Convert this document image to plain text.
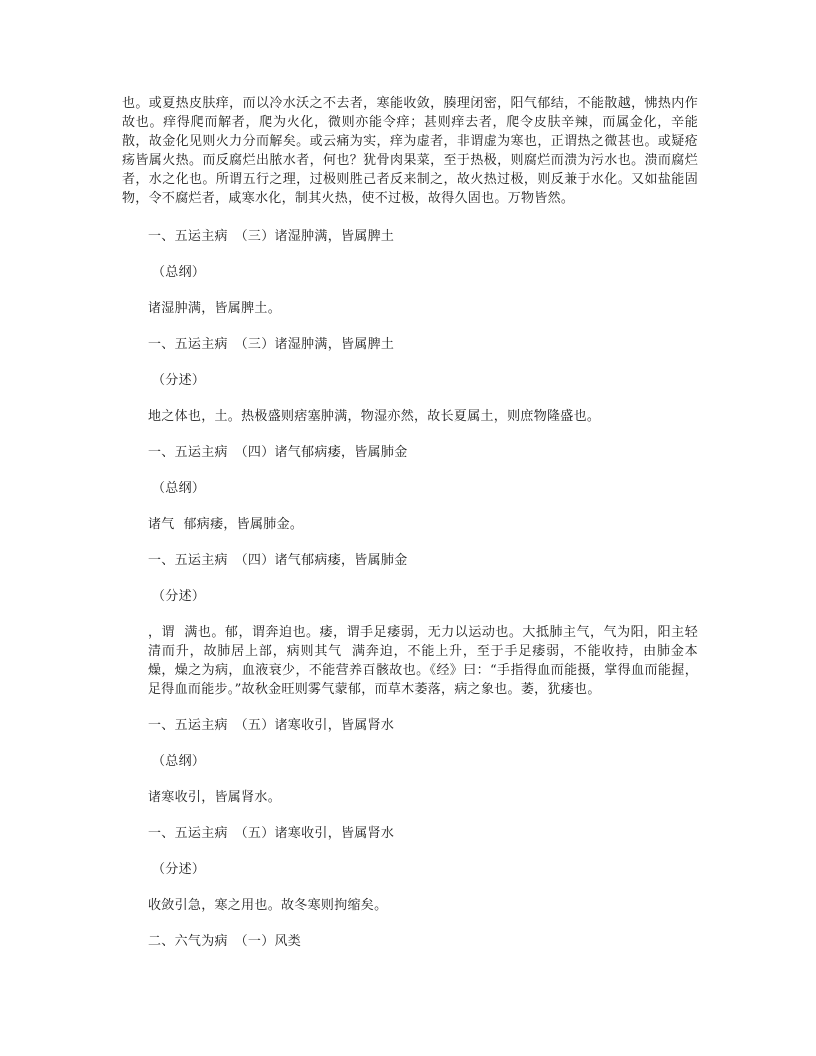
也。或夏热皮肤痒，而以冷水沃之不去者，寒能收敛，腠理闭密，阳气郁结，不能散越，怫热内作故也。痒得爬而解者，爬为火化，微则亦能令痒；甚则痒去者，爬令皮肤辛辣，而属金化，辛能散，故金化见则火力分而解矣。或云痛为实，痒为虚者，非谓虚为寒也，正谓热之微甚也。或疑疮疡皆属火热。而反腐烂出脓水者，何也？犹骨肉果菜，至于热极，则腐烂而溃为污水也。溃而腐烂者，水之化也。所谓五行之理，过极则胜己者反来制之，故火热过极，则反兼于水化。又如盐能固物，令不腐烂者，咸寒水化，制其火热，使不过极，故得久固也。万物皆然。

一、五运主病　（三）诸湿肿满，皆属脾土
（总纲）
诸湿肿满，皆属脾土。
一、五运主病　（三）诸湿肿满，皆属脾土
（分述）
地之体也，土。热极盛则痞塞肿满，物湿亦然，故长夏属土，则庶物隆盛也。
一、五运主病　（四）诸气郁病痿，皆属肺金
（总纲）
诸气  郁病痿，皆属肺金。
一、五运主病　（四）诸气郁病痿，皆属肺金
（分述）

，谓  满也。郁，谓奔迫也。痿，谓手足痿弱，无力以运动也。大抵肺主气，气为阳，阳主轻清而升，故肺居上部，病则其气  满奔迫，不能上升，至于手足痿弱，不能收持，由肺金本燥，燥之为病，血液衰少，不能营养百骸故也。《经》曰：“手指得血而能摄，掌得血而能握，足得血而能步。”故秋金旺则雾气蒙郁，而草木萎落，病之象也。萎，犹痿也。

一、五运主病　（五）诸寒收引，皆属肾水
（总纲）
诸寒收引，皆属肾水。
一、五运主病　（五）诸寒收引，皆属肾水
（分述）
收敛引急，寒之用也。故冬寒则拘缩矣。
二、六气为病　（一）风类
